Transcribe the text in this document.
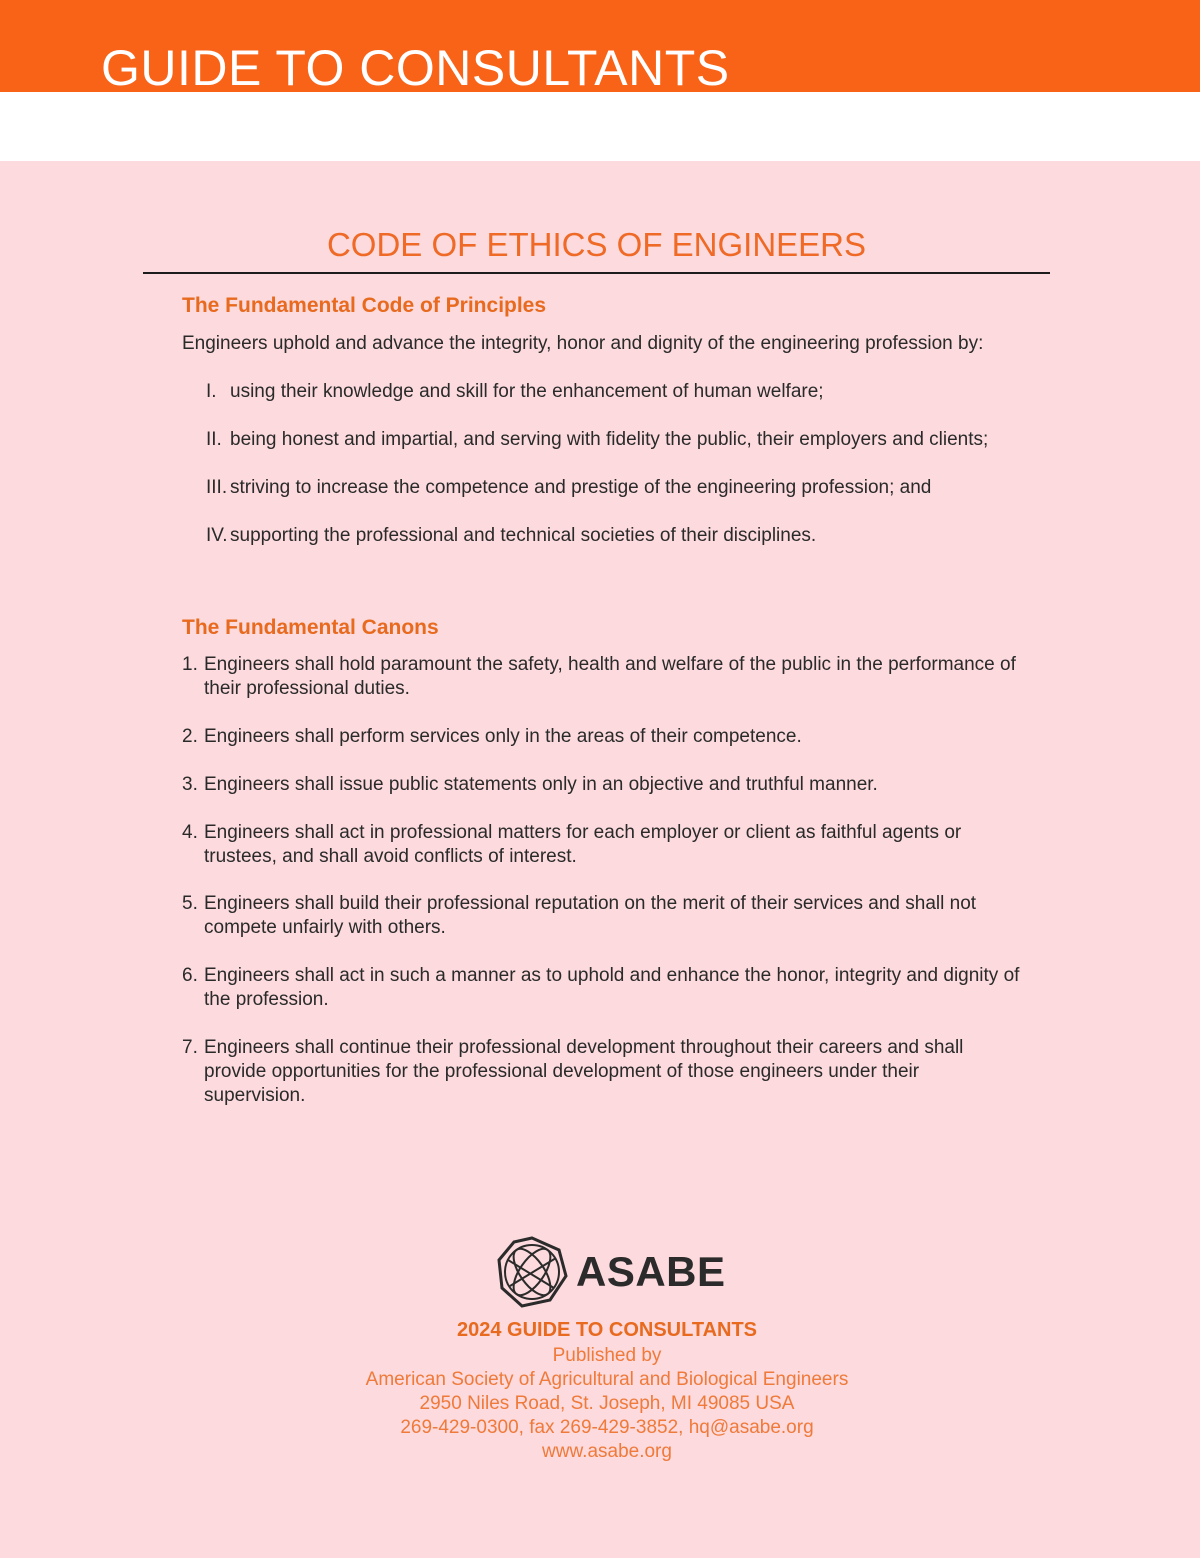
GUIDE TO CONSULTANTS
CODE OF ETHICS OF ENGINEERS
The Fundamental Code of Principles
Engineers uphold and advance the integrity, honor and dignity of the engineering profession by:
I. using their knowledge and skill for the enhancement of human welfare;
II. being honest and impartial, and serving with fidelity the public, their employers and clients;
III. striving to increase the competence and prestige of the engineering profession; and
IV. supporting the professional and technical societies of their disciplines.
The Fundamental Canons
1. Engineers shall hold paramount the safety, health and welfare of the public in the performance of their professional duties.
2. Engineers shall perform services only in the areas of their competence.
3. Engineers shall issue public statements only in an objective and truthful manner.
4. Engineers shall act in professional matters for each employer or client as faithful agents or trustees, and shall avoid conflicts of interest.
5. Engineers shall build their professional reputation on the merit of their services and shall not compete unfairly with others.
6. Engineers shall act in such a manner as to uphold and enhance the honor, integrity and dignity of the profession.
7. Engineers shall continue their professional development throughout their careers and shall provide opportunities for the professional development of those engineers under their supervision.
ASABE
2024 GUIDE TO CONSULTANTS
Published by
American Society of Agricultural and Biological Engineers
2950 Niles Road, St. Joseph, MI 49085 USA
269-429-0300, fax 269-429-3852, hq@asabe.org
www.asabe.org
